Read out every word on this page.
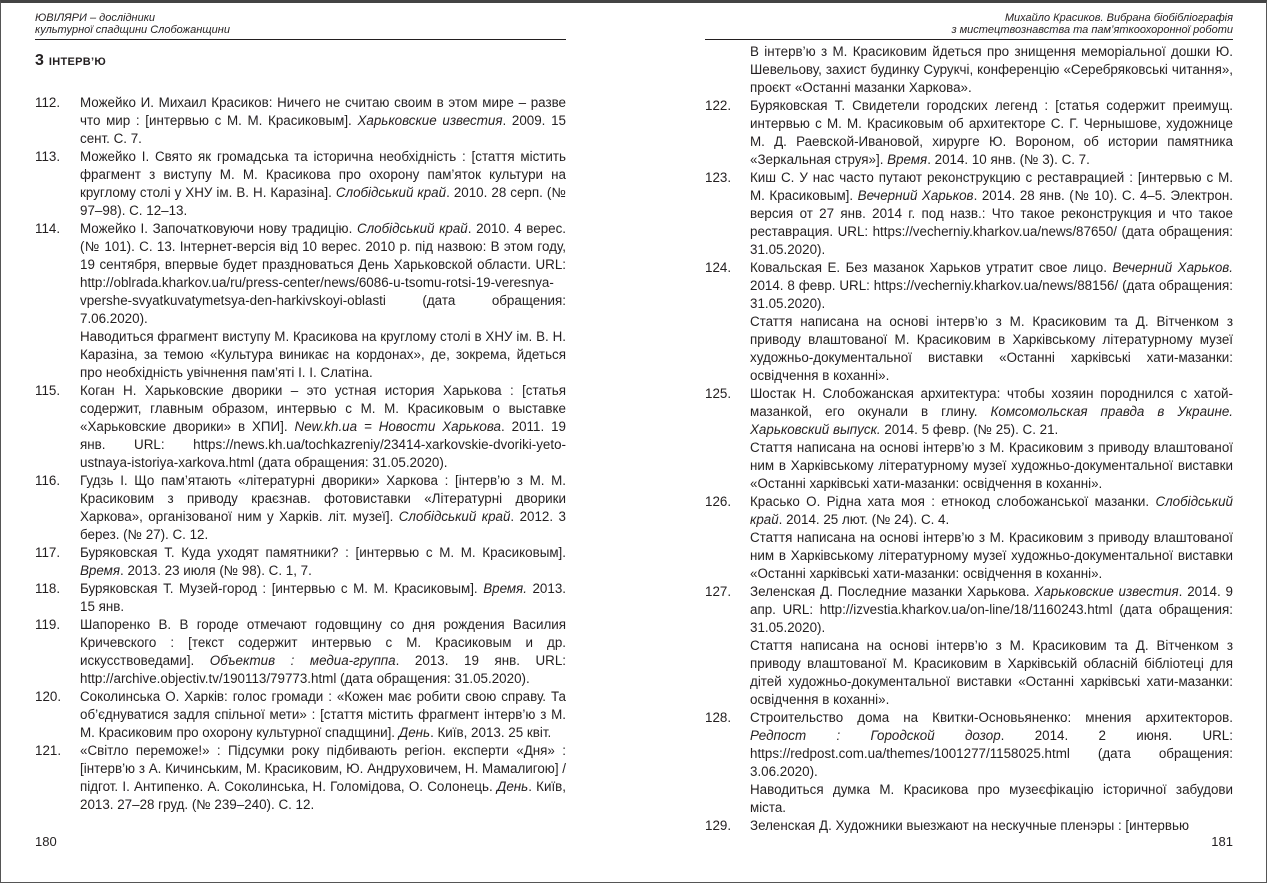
ЮВІЛЯРИ – дослідники
культурної спадщини Слобожанщини
3 ІНТЕРВ’Ю
112. Можейко И. Михаил Красиков: Ничего не считаю своим в этом мире – разве что мир : [интервью с М. М. Красиковым]. Харьковские известия. 2009. 15 сент. С. 7.

113. Можейко І. Свято як громадська та історична необхідність : [стаття містить фрагмент з виступу М. М. Красикова про охорону пам’яток культури на круглому столі у ХНУ ім. В. Н. Каразіна]. Слобідський край. 2010. 28 серп. (№ 97–98). С. 12–13.

114. Можейко І. Започатковуючи нову традицію. Слобідський край. 2010. 4 верес. (№ 101). С. 13. Інтернет-версія від 10 верес. 2010 р. під назвою: В этом году, 19 сентября, впервые будет праздноваться День Харьковской области. URL: http://oblrada.kharkov.ua/ru/press-center/news/6086-u-tsomu-rotsi-19-veresnya-vpershe-svyatkuvatymetsya-den-harkivskoyi-oblasti (дата обращения: 7.06.2020).

Наводиться фрагмент виступу М. Красикова на круглому столі в ХНУ ім. В. Н. Каразіна, за темою «Культура виникає на кордонах», де, зокрема, йдеться про необхідність увічнення пам’яті І. І. Слатіна.

115. Коган Н. Харьковские дворики – это устная история Харькова : [статья содержит, главным образом, интервью с М. М. Красиковым о выставке «Харьковские дворики» в ХПИ]. New.kh.ua = Новости Харькова. 2011. 19 янв. URL: https://news.kh.ua/tochkazreniy/23414-xarkovskie-dvoriki-yeto-ustnaya-istoriya-xarkova.html (дата обращения: 31.05.2020).

116. Гудзь І. Що пам’ятають «літературні дворики» Харкова : [інтерв’ю з М. М. Красиковим з приводу краєзнав. фотовиставки «Літературні дворики Харкова», організованої ним у Харків. літ. музеї]. Слобідський край. 2012. 3 берез. (№ 27). С. 12.

117. Буряковская Т. Куда уходят памятники? : [интервью с М. М. Красиковым]. Время. 2013. 23 июля (№ 98). С. 1, 7.

118. Буряковская Т. Музей-город : [интервью с М. М. Красиковым]. Время. 2013. 15 янв.

119. Шапоренко В. В городе отмечают годовщину со дня рождения Василия Кричевского : [текст содержит интервью с М. Красиковым и др. искусствоведами]. Объектив : медиа-группа. 2013. 19 янв. URL: http://archive.objectiv.tv/190113/79773.html (дата обращения: 31.05.2020).

120. Соколинська О. Харків: голос громади : «Кожен має робити свою справу. Та об’єднуватися задля спільної мети» : [стаття містить фрагмент інтерв’ю з М. М. Красиковим про охорону культурної спадщини]. День. Київ, 2013. 25 квіт.

121. «Світло переможе!» : Підсумки року підбивають регіон. експерти «Дня» : [інтерв’ю з А. Кичинським, М. Красиковим, Ю. Андруховичем, Н. Мамалигою] / підгот. І. Антипенко. А. Соколинська, Н. Голомідова, О. Солонець. День. Київ, 2013. 27–28 груд. (№ 239–240). С. 12.

180
Михайло Красиков. Вибрана біобібліографія
з мистецтвознавства та пам’яткоохоронної роботи

В інтерв’ю з М. Красиковим йдеться про знищення меморіальної дошки Ю. Шевельову, захист будинку Сурукчі, конференцію «Серебряковські читання», проєкт «Останні мазанки Харкова».

122. Буряковская Т. Свидетели городских легенд : [статья содержит преимущ. интервью с М. М. Красиковым об архитекторе С. Г. Чернышове, художнице М. Д. Раевской-Ивановой, хирурге Ю. Вороном, об истории памятника «Зеркальная струя»]. Время. 2014. 10 янв. (№ 3). С. 7.

123. Киш С. У нас часто путают реконструкцию с реставрацией : [интервью с М. М. Красиковым]. Вечерний Харьков. 2014. 28 янв. (№ 10). С. 4–5. Электрон. версия от 27 янв. 2014 г. под назв.: Что такое реконструкция и что такое реставрация. URL: https://vecherniy.kharkov.ua/news/87650/ (дата обращения: 31.05.2020).

124. Ковальская Е. Без мазанок Харьков утратит свое лицо. Вечерний Харьков. 2014. 8 февр. URL: https://vecherniy.kharkov.ua/news/88156/ (дата обращения: 31.05.2020).

Стаття написана на основі інтерв’ю з М. Красиковим та Д. Вітченком з приводу влаштованої М. Красиковим в Харківському літературному музеї художньо-документальної виставки «Останні харківські хати-мазанки: освідчення в коханні».

125. Шостак Н. Слобожанская архитектура: чтобы хозяин породнился с хатой-мазанкой, его окунали в глину. Комсомольская правда в Украине. Харьковский выпуск. 2014. 5 февр. (№ 25). С. 21.

Стаття написана на основі інтерв’ю з М. Красиковим з приводу влаштованої ним в Харківському літературному музеї художньо-документальної виставки «Останні харківські хати-мазанки: освідчення в коханні».

126. Красько О. Рідна хата моя : етнокод слобожанської мазанки. Слобідський край. 2014. 25 лют. (№ 24). С. 4.

Стаття написана на основі інтерв’ю з М. Красиковим з приводу влаштованої ним в Харківському літературному музеї художньо-документальної виставки «Останні харківські хати-мазанки: освідчення в коханні».

127. Зеленская Д. Последние мазанки Харькова. Харьковские известия. 2014. 9 апр. URL: http://izvestia.kharkov.ua/on-line/18/1160243.html (дата обращения: 31.05.2020).

Стаття написана на основі інтерв’ю з М. Красиковим та Д. Вітченком з приводу влаштованої М. Красиковим в Харківській обласній бібліотеці для дітей художньо-документальної виставки «Останні харківські хати-мазанки: освідчення в коханні».

128. Строительство дома на Квитки-Основьяненко: мнения архитекторов. Редпост : Городской дозор. 2014. 2 июня. URL: https://redpost.com.ua/themes/1001277/1158025.html (дата обращения: 3.06.2020).

Наводиться думка М. Красикова про музеєфікацію історичної забудови міста.

129. Зеленская Д. Художники выезжают на нескучные пленэры : [интервью

181
